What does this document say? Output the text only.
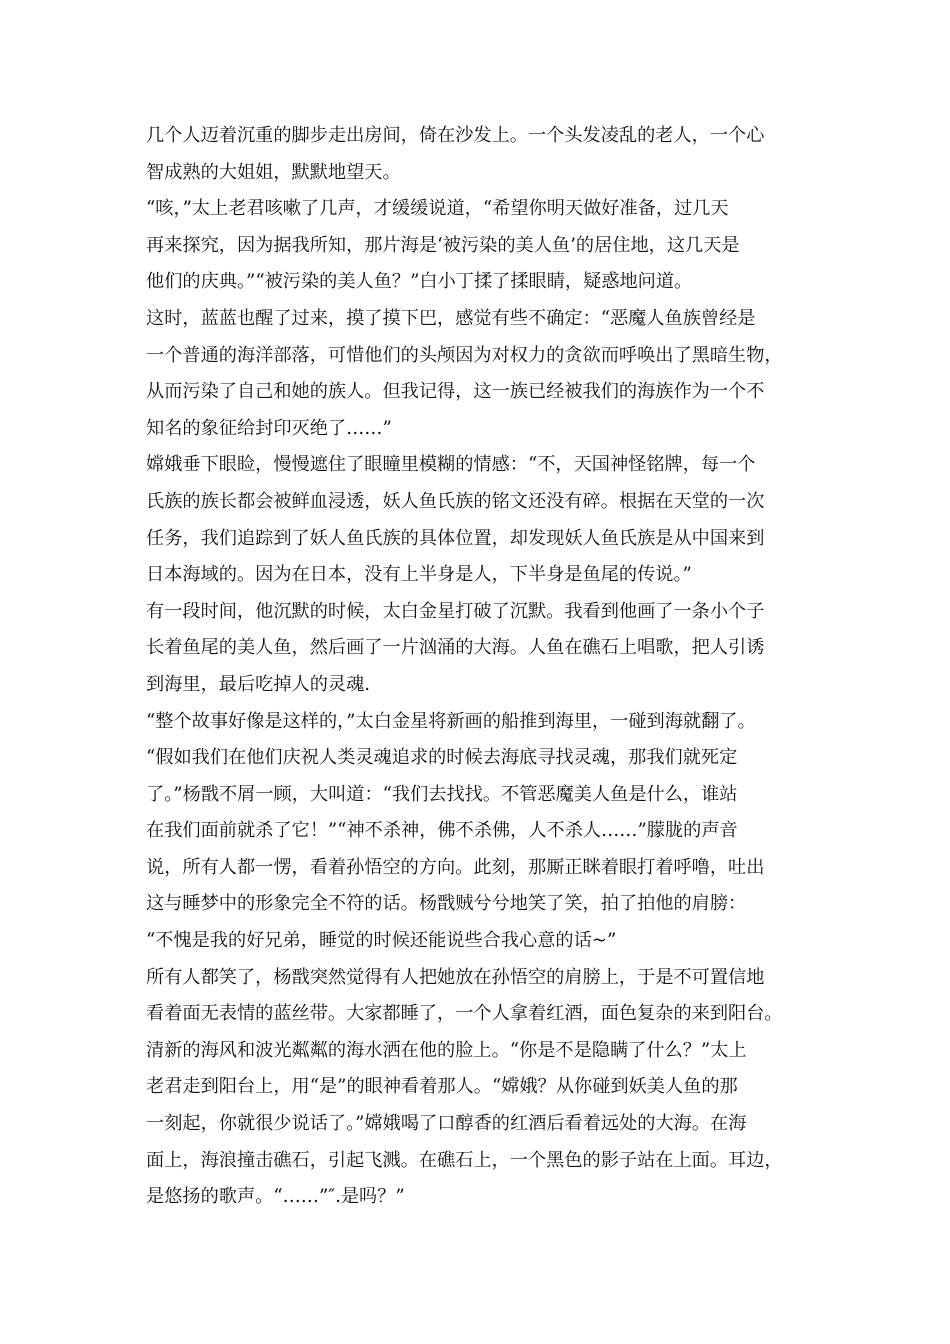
几个人迈着沉重的脚步走出房间，倚在沙发上。一个头发凌乱的老人，一个心
智成熟的大姐姐，默默地望天。
“咳，”太上老君咳嗽了几声，才缓缓说道，“希望你明天做好准备，过几天
再来探究，因为据我所知，那片海是‘被污染的美人鱼’的居住地，这几天是
他们的庆典。”“被污染的美人鱼？”白小丁揉了揉眼睛，疑惑地问道。
这时，蓝蓝也醒了过来，摸了摸下巴，感觉有些不确定：“恶魔人鱼族曾经是
一个普通的海洋部落，可惜他们的头颅因为对权力的贪欲而呼唤出了黑暗生物，
从而污染了自己和她的族人。但我记得，这一族已经被我们的海族作为一个不
知名的象征给封印灭绝了……”
嫦娥垂下眼睑，慢慢遮住了眼瞳里模糊的情感：“不，天国神怪铭牌，每一个
氏族的族长都会被鲜血浸透，妖人鱼氏族的铭文还没有碎。根据在天堂的一次
任务，我们追踪到了妖人鱼氏族的具体位置，却发现妖人鱼氏族是从中国来到
日本海域的。因为在日本，没有上半身是人，下半身是鱼尾的传说。”
有一段时间，他沉默的时候，太白金星打破了沉默。我看到他画了一条小个子
长着鱼尾的美人鱼，然后画了一片汹涌的大海。人鱼在礁石上唱歌，把人引诱
到海里，最后吃掉人的灵魂.
“整个故事好像是这样的，”太白金星将新画的船推到海里，一碰到海就翻了。
“假如我们在他们庆祝人类灵魂追求的时候去海底寻找灵魂，那我们就死定
了。”杨戬不屑一顾，大叫道：“我们去找找。不管恶魔美人鱼是什么，谁站
在我们面前就杀了它！”“神不杀神，佛不杀佛，人不杀人……”朦胧的声音
说，所有人都一愣，看着孙悟空的方向。此刻，那厮正眯着眼打着呼噜，吐出
这与睡梦中的形象完全不符的话。杨戬贼兮兮地笑了笑，拍了拍他的肩膀：
“不愧是我的好兄弟，睡觉的时候还能说些合我心意的话~”
所有人都笑了，杨戬突然觉得有人把她放在孙悟空的肩膀上，于是不可置信地
看着面无表情的蓝丝带。大家都睡了，一个人拿着红酒，面色复杂的来到阳台。
清新的海风和波光粼粼的海水洒在他的脸上。“你是不是隐瞒了什么？”太上
老君走到阳台上，用“是”的眼神看着那人。“嫦娥？从你碰到妖美人鱼的那
一刻起，你就很少说话了。”嫦娥喝了口醇香的红酒后看着远处的大海。在海
面上，海浪撞击礁石，引起飞溅。在礁石上，一个黑色的影子站在上面。耳边，
是悠扬的歌声。“……”″.是吗？”
